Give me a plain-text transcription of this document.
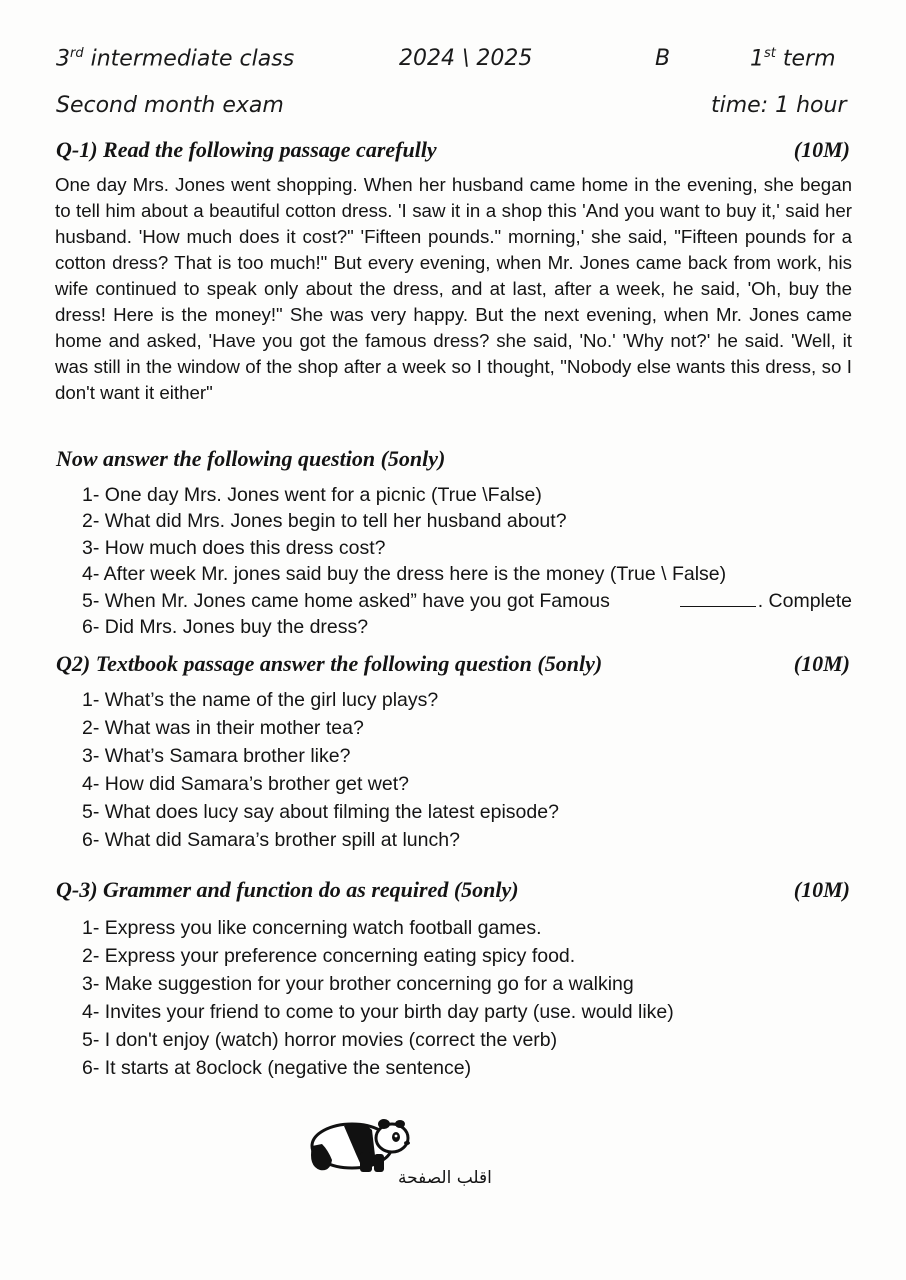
3rd intermediate class	2024 \ 2025	B	1st term
Second month exam	time: 1 hour
Q-1) Read the following passage carefully	(10M)
One day Mrs. Jones went shopping. When her husband came home in the evening, she began to tell him about a beautiful cotton dress. 'I saw it in a shop this 'And you want to buy it,' said her husband. 'How much does it cost?" 'Fifteen pounds." morning,' she said, "Fifteen pounds for a cotton dress? That is too much!" But every evening, when Mr. Jones came back from work, his wife continued to speak only about the dress, and at last, after a week, he said, 'Oh, buy the dress! Here is the money!" She was very happy. But the next evening, when Mr. Jones came home and asked, 'Have you got the famous dress? she said, 'No.' 'Why not?' he said. 'Well, it was still in the window of the shop after a week so I thought, "Nobody else wants this dress, so I don't want it either"
Now answer the following question (5only)
1- One day Mrs. Jones went for a picnic (True \False)
2- What did Mrs. Jones begin to tell her husband about?
3- How much does this dress cost?
4- After week Mr. jones said buy the dress here is the money (True \ False)
5- When Mr. Jones came home asked” have you got Famous	. Complete
6- Did Mrs. Jones buy the dress?
Q2) Textbook passage answer the following question (5only)	(10M)
1- What’s the name of the girl lucy plays?
2- What was in their mother tea?
3- What’s Samara brother like?
4- How did Samara’s brother get wet?
5- What does lucy say about filming the latest episode?
6- What did Samara’s brother spill at lunch?
Q-3) Grammer and function do as required (5only)	(10M)
1- Express you like concerning watch football games.
2- Express your preference concerning eating spicy food.
3- Make suggestion for your brother concerning go for a walking
4- Invites your friend to come to your birth day party (use. would like)
5- I don't enjoy (watch) horror movies (correct the verb)
6- It starts at 8oclock (negative the sentence)
اقلب الصفحة
